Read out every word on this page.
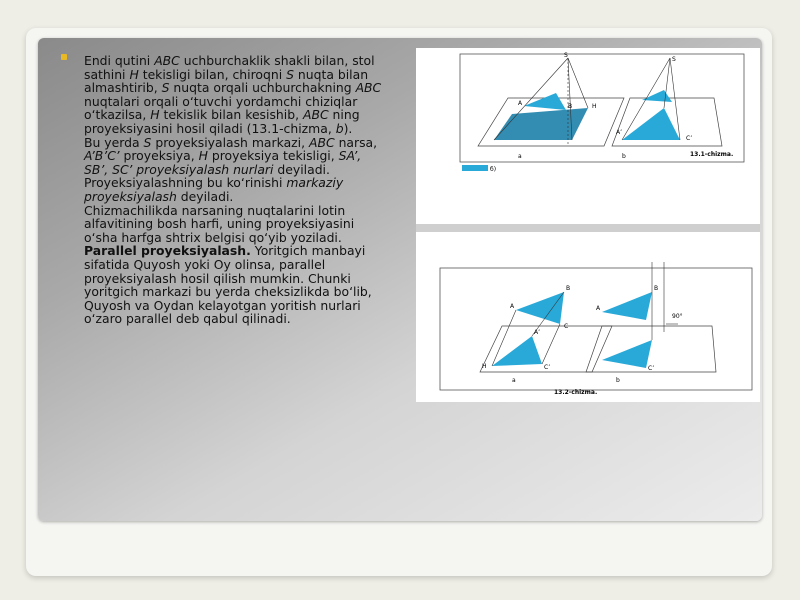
Endi qutini ABC uchburchaklik shakli bilan, stol sathini H tekisligi bilan, chiroqni S nuqta bilan almashtirib, S nuqta orqali uchburchakning ABC nuqtalari orqali o‘tuvchi yordamchi chiziqlar o‘tkazilsa, H tekislik bilan kesishib, ABC ning proyeksiyasini hosil qiladi (13.1-chizma, b).

Bu yerda S proyeksiyalash markazi, ABC narsa, A’B’C’ proyeksiya, H proyeksiya tekisligi, SA’, SB’, SC’ proyeksiyalash nurlari deyiladi. Proyeksiyalashning bu ko‘rinishi markaziy proyeksiyalash deyiladi.

Chizmachilikda narsaning nuqtalarini lotin alfavitining bosh harfi, uning proyeksiyasini o‘sha harfga shtrix belgisi qo‘yib yoziladi.

Parallel proyeksiyalash. Yoritgich manbayi sifatida Quyosh yoki Oy olinsa, parallel proyeksiyalash hosil qilish mumkin. Chunki yoritgich markazi bu yerda cheksizlikda bo‘lib, Quyosh va Oydan kelayotgan yoritish nurlari o‘zaro parallel deb qabul qilinadi.

S
A	B	H
S
C’
A’
a	b	13.1-chizma.
б)
A
B
C
H	C’
A’
90°
A
B
C’
a	b
13.2-chizma.
